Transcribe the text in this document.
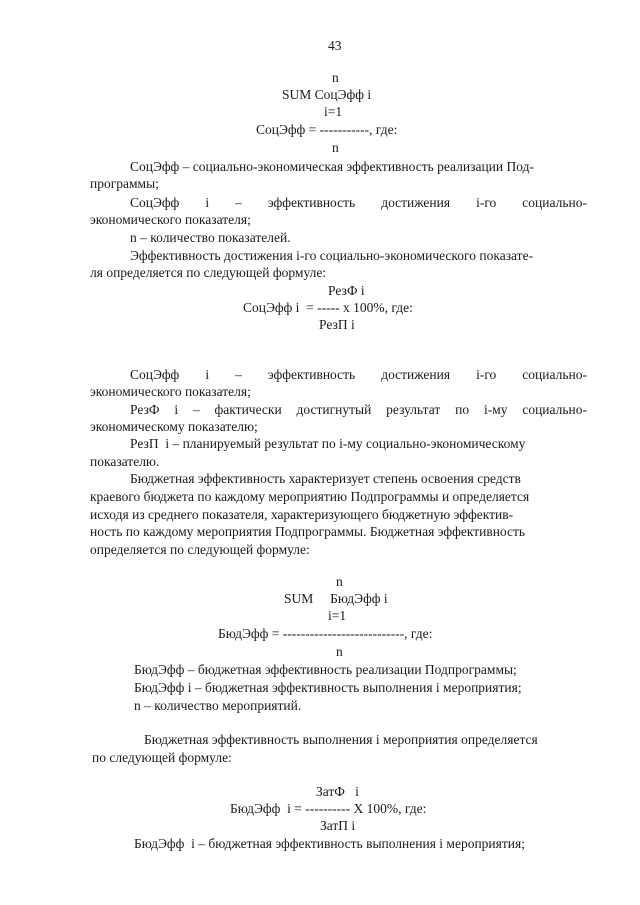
43
n
SUM СоцЭфф i
i=1
СоцЭфф = -----------, где:
n
СоцЭфф – социально-экономическая эффективность реализации Под-
программы;
СоцЭфф i – эффективность достижения i-го социально-
экономического показателя;
n – количество показателей.
Эффективность достижения i-го социально-экономического показате-
ля определяется по следующей формуле:
РезФ i
СоцЭфф i  = ----- x 100%, где:
РезП i
СоцЭфф i – эффективность достижения i-го социально-
экономического показателя;
РезФ i – фактически достигнутый результат по i-му социально-
экономическому показателю;
РезП  i – планируемый результат по i-му социально-экономическому
показателю.
Бюджетная эффективность характеризует степень освоения средств
краевого бюджета по каждому мероприятию Подпрограммы и определяется
исходя из среднего показателя, характеризующего бюджетную эффектив-
ность по каждому мероприятия Подпрограммы. Бюджетная эффективность
определяется по следующей формуле:
n
SUM     БюдЭфф i
i=1
БюдЭфф = ---------------------------, где:
n
БюдЭфф – бюджетная эффективность реализации Подпрограммы;
БюдЭфф i – бюджетная эффективность выполнения i мероприятия;
n – количество мероприятий.
Бюджетная эффективность выполнения i мероприятия определяется
по следующей формуле:
ЗатФ   i
БюдЭфф  i = ---------- X 100%, где:
ЗатП i
БюдЭфф  i – бюджетная эффективность выполнения i мероприятия;
